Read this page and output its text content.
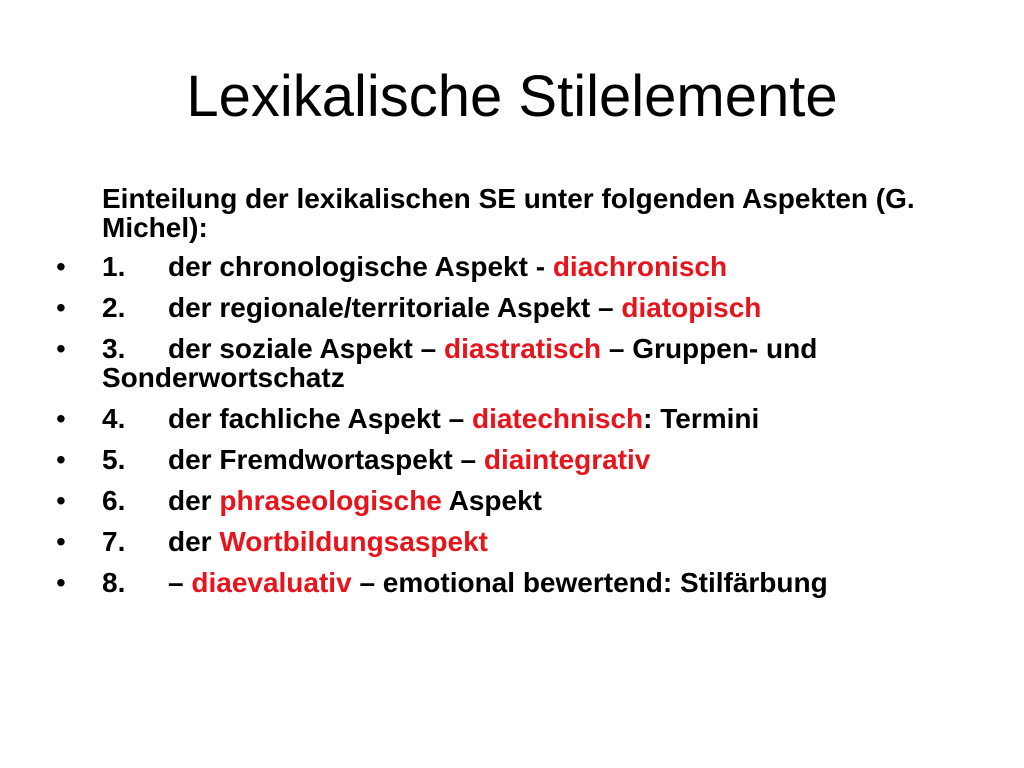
Lexikalische Stilelemente

Einteilung der lexikalischen SE unter folgenden Aspekten (G. Michel):

•	1. der chronologische Aspekt - diachronisch
•	2. der regionale/territoriale Aspekt – diatopisch
•	3. der soziale Aspekt – diastratisch – Gruppen- und Sonderwortschatz
•	4. der fachliche Aspekt – diatechnisch: Termini
•	5. der Fremdwortaspekt – diaintegrativ
•	6. der phraseologische Aspekt
•	7. der Wortbildungsaspekt
•	8. – diaevaluativ – emotional bewertend: Stilfärbung
